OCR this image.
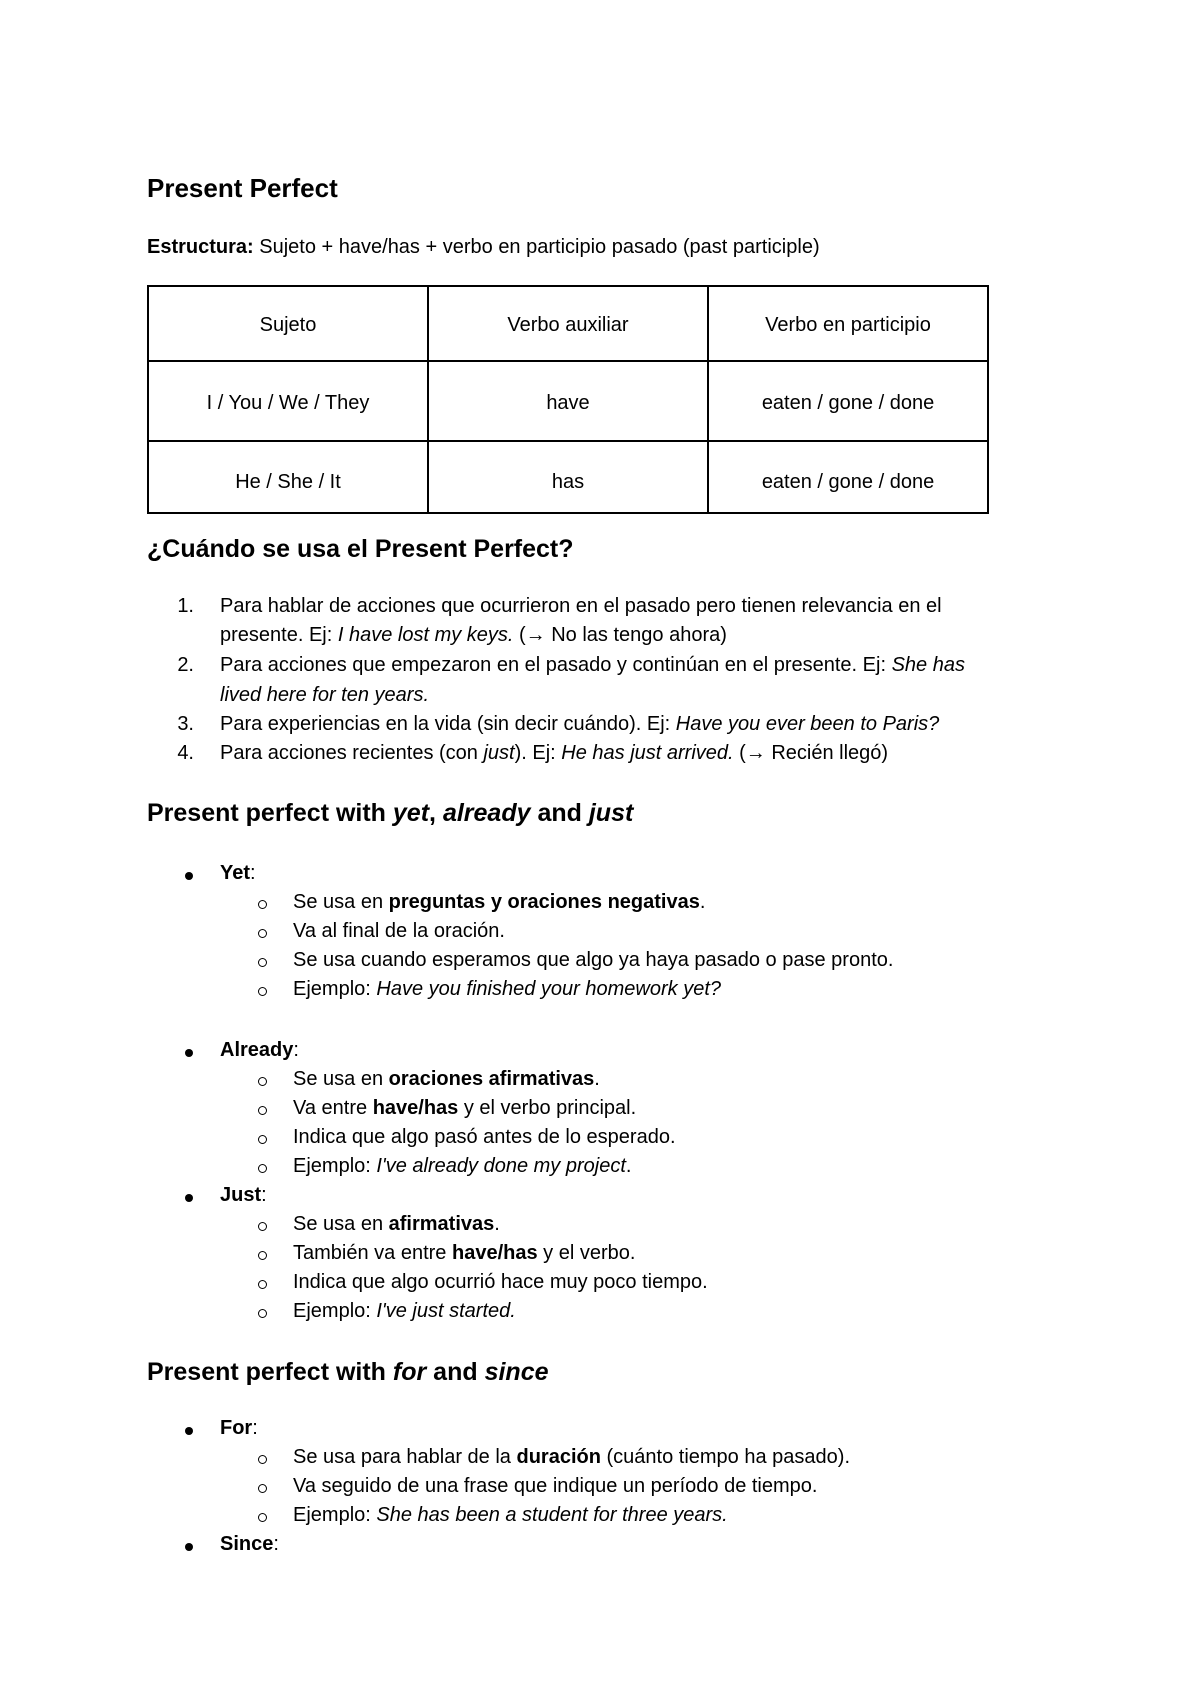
Present Perfect

Estructura: Sujeto + have/has + verbo en participio pasado (past participle)

Sujeto	Verbo auxiliar	Verbo en participio
I / You / We / They	have	eaten / gone / done
He / She / It	has	eaten / gone / done
¿Cuándo se usa el Present Perfect?
1. Para hablar de acciones que ocurrieron en el pasado pero tienen relevancia en el

presente. Ej: I have lost my keys. (→ No las tengo ahora)

2. Para acciones que empezaron en el pasado y continúan en el presente. Ej: She has

lived here for ten years.

3. Para experiencias en la vida (sin decir cuándo). Ej: Have you ever been to Paris?

4. Para acciones recientes (con just). Ej: He has just arrived. (→ Recién llegó)

Present perfect with yet, already and just

Yet:

Se usa en preguntas y oraciones negativas.

Va al final de la oración.

Se usa cuando esperamos que algo ya haya pasado o pase pronto.

Ejemplo: Have you finished your homework yet?

Already:

Se usa en oraciones afirmativas.

Va entre have/has y el verbo principal.

Indica que algo pasó antes de lo esperado.

Ejemplo: I've already done my project.

Just:

Se usa en afirmativas.

También va entre have/has y el verbo.

Indica que algo ocurrió hace muy poco tiempo.

Ejemplo: I've just started.

Present perfect with for and since

For:

Se usa para hablar de la duración (cuánto tiempo ha pasado).

Va seguido de una frase que indique un período de tiempo.

Ejemplo: She has been a student for three years.

Since:
